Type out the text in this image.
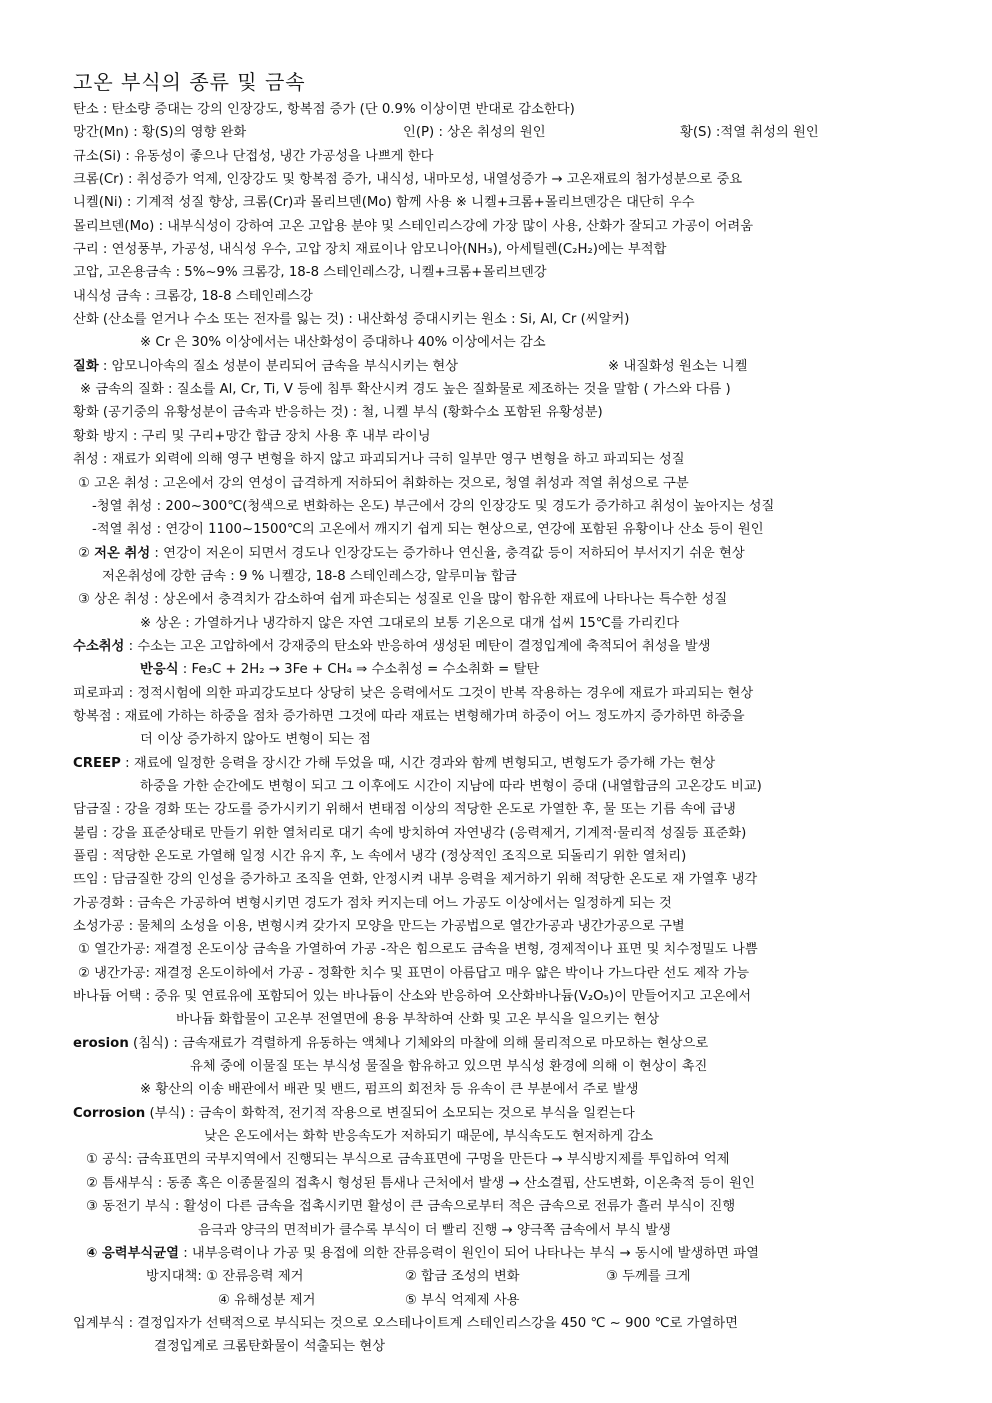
고온 부식의 종류 및 금속
탄소 : 탄소량 증대는 강의 인장강도, 항복점 증가 (단 0.9% 이상이면 반대로 감소한다)
망간(Mn) : 황(S)의 영향 완화	인(P) : 상온 취성의 원인	황(S) :적열 취성의 원인
규소(Si) : 유동성이 좋으나 단접성, 냉간 가공성을 나쁘게 한다
크롬(Cr) : 취성증가 억제, 인장강도 및 항복점 증가, 내식성, 내마모성, 내열성증가 → 고온재료의 첨가성분으로 중요
니켈(Ni) : 기계적 성질 향상, 크롬(Cr)과 몰리브덴(Mo) 함께 사용 ※ 니켈+크롬+몰리브덴강은 대단히 우수
몰리브덴(Mo) : 내부식성이 강하여 고온 고압용 분야 및 스테인리스강에 가장 많이 사용, 산화가 잘되고 가공이 어려움
구리 : 연성풍부, 가공성, 내식성 우수, 고압 장치 재료이나 암모니아(NH₃), 아세틸렌(C₂H₂)에는 부적합
고압, 고온용금속 : 5%~9% 크롬강, 18-8 스테인레스강, 니켈+크롬+몰리브덴강
내식성 금속 : 크롬강, 18-8 스테인레스강
산화 (산소를 얻거나 수소 또는 전자를 잃는 것) : 내산화성 증대시키는 원소 : Si, Al, Cr (씨알커)
※ Cr 은 30% 이상에서는 내산화성이 증대하나 40% 이상에서는 감소
질화 : 암모니아속의 질소 성분이 분리되어 금속을 부식시키는 현상	※ 내질화성 원소는 니켈
※ 금속의 질화 : 질소를 Al, Cr, Ti, V 등에 침투 확산시켜 경도 높은 질화물로 제조하는 것을 말함 ( 가스와 다름 )
황화 (공기중의 유황성분이 금속과 반응하는 것) : 철, 니켈 부식 (황화수소 포함된 유황성분)
황화 방지 : 구리 및 구리+망간 합금 장치 사용 후 내부 라이닝
취성 : 재료가 외력에 의해 영구 변형을 하지 않고 파괴되거나 극히 일부만 영구 변형을 하고 파괴되는 성질
① 고온 취성 : 고온에서 강의 연성이 급격하게 저하되어 취화하는 것으로, 청열 취성과 적열 취성으로 구분
-청열 취성 : 200~300℃(청색으로 변화하는 온도) 부근에서 강의 인장강도 및 경도가 증가하고 취성이 높아지는 성질
-적열 취성 : 연강이 1100~1500℃의 고온에서 깨지기 쉽게 되는 현상으로, 연강에 포함된 유황이나 산소 등이 원인
② 저온 취성 : 연강이 저온이 되면서 경도나 인장강도는 증가하나 연신율, 충격값 등이 저하되어 부서지기 쉬운 현상
저온취성에 강한 금속 : 9 % 니켈강, 18-8 스테인레스강, 알루미늄 합금
③ 상온 취성 : 상온에서 충격치가 감소하여 쉽게 파손되는 성질로 인을 많이 함유한 재료에 나타나는 특수한 성질
※ 상온 : 가열하거나 냉각하지 않은 자연 그대로의 보통 기온으로 대개 섭씨 15℃를 가리킨다
수소취성 : 수소는 고온 고압하에서 강재중의 탄소와 반응하여 생성된 메탄이 결정입계에 축적되어 취성을 발생
반응식 : Fe₃C + 2H₂ → 3Fe + CH₄ ⇒ 수소취성 = 수소취화 = 탈탄
피로파괴 : 정적시험에 의한 파괴강도보다 상당히 낮은 응력에서도 그것이 반복 작용하는 경우에 재료가 파괴되는 현상
항복점 : 재료에 가하는 하중을 점차 증가하면 그것에 따라 재료는 변형해가며 하중이 어느 정도까지 증가하면 하중을
더 이상 증가하지 않아도 변형이 되는 점
CREEP : 재료에 일정한 응력을 장시간 가해 두었을 때, 시간 경과와 함께 변형되고, 변형도가 증가해 가는 현상
하중을 가한 순간에도 변형이 되고 그 이후에도 시간이 지남에 따라 변형이 증대 (내열합금의 고온강도 비교)
담금질 : 강을 경화 또는 강도를 증가시키기 위해서 변태점 이상의 적당한 온도로 가열한 후, 물 또는 기름 속에 급냉
불림 : 강을 표준상태로 만들기 위한 열처리로 대기 속에 방치하여 자연냉각 (응력제거, 기계적·물리적 성질등 표준화)
풀림 : 적당한 온도로 가열해 일정 시간 유지 후, 노 속에서 냉각 (정상적인 조직으로 되돌리기 위한 열처리)
뜨임 : 담금질한 강의 인성을 증가하고 조직을 연화, 안정시켜 내부 응력을 제거하기 위해 적당한 온도로 재 가열후 냉각
가공경화 : 금속은 가공하여 변형시키면 경도가 점차 커지는데 어느 가공도 이상에서는 일정하게 되는 것
소성가공 : 물체의 소성을 이용, 변형시켜 갖가지 모양을 만드는 가공법으로 열간가공과 냉간가공으로 구별
① 열간가공: 재결정 온도이상 금속을 가열하여 가공 -작은 힘으로도 금속을 변형, 경제적이나 표면 및 치수정밀도 나쁨
② 냉간가공: 재결정 온도이하에서 가공 - 정확한 치수 및 표면이 아름답고 매우 얇은 박이나 가느다란 선도 제작 가능
바나듐 어택 : 중유 및 연료유에 포함되어 있는 바나듐이 산소와 반응하여 오산화바나듐(V₂O₅)이 만들어지고 고온에서
바나듐 화합물이 고온부 전열면에 용융 부착하여 산화 및 고온 부식을 일으키는 현상
erosion (침식) : 금속재료가 격렬하게 유동하는 액체나 기체와의 마찰에 의해 물리적으로 마모하는 현상으로
유체 중에 이물질 또는 부식성 물질을 함유하고 있으면 부식성 환경에 의해 이 현상이 촉진
※ 황산의 이송 배관에서 배관 및 밴드, 펌프의 회전차 등 유속이 큰 부분에서 주로 발생
Corrosion (부식) : 금속이 화학적, 전기적 작용으로 변질되어 소모되는 것으로 부식을 일컫는다
낮은 온도에서는 화학 반응속도가 저하되기 때문에, 부식속도도 현저하게 감소
① 공식: 금속표면의 국부지역에서 진행되는 부식으로 금속표면에 구멍을 만든다 → 부식방지제를 투입하여 억제
② 틈새부식 : 동종 혹은 이종물질의 접촉시 형성된 틈새나 근처에서 발생 → 산소결핍, 산도변화, 이온축적 등이 원인
③ 동전기 부식 : 활성이 다른 금속을 접촉시키면 활성이 큰 금속으로부터 적은 금속으로 전류가 흘러 부식이 진행
음극과 양극의 면적비가 클수록 부식이 더 빨리 진행 → 양극쪽 금속에서 부식 발생
④ 응력부식균열 : 내부응력이나 가공 및 용접에 의한 잔류응력이 원인이 되어 나타나는 부식 → 동시에 발생하면 파열
방지대책: ① 잔류응력 제거	② 합금 조성의 변화	③ 두께를 크게
④ 유해성분 제거	⑤ 부식 억제제 사용
입계부식 : 결정입자가 선택적으로 부식되는 것으로 오스테나이트계 스테인리스강을 450 ℃ ~ 900 ℃로 가열하면
결정입계로 크롬탄화물이 석출되는 현상
